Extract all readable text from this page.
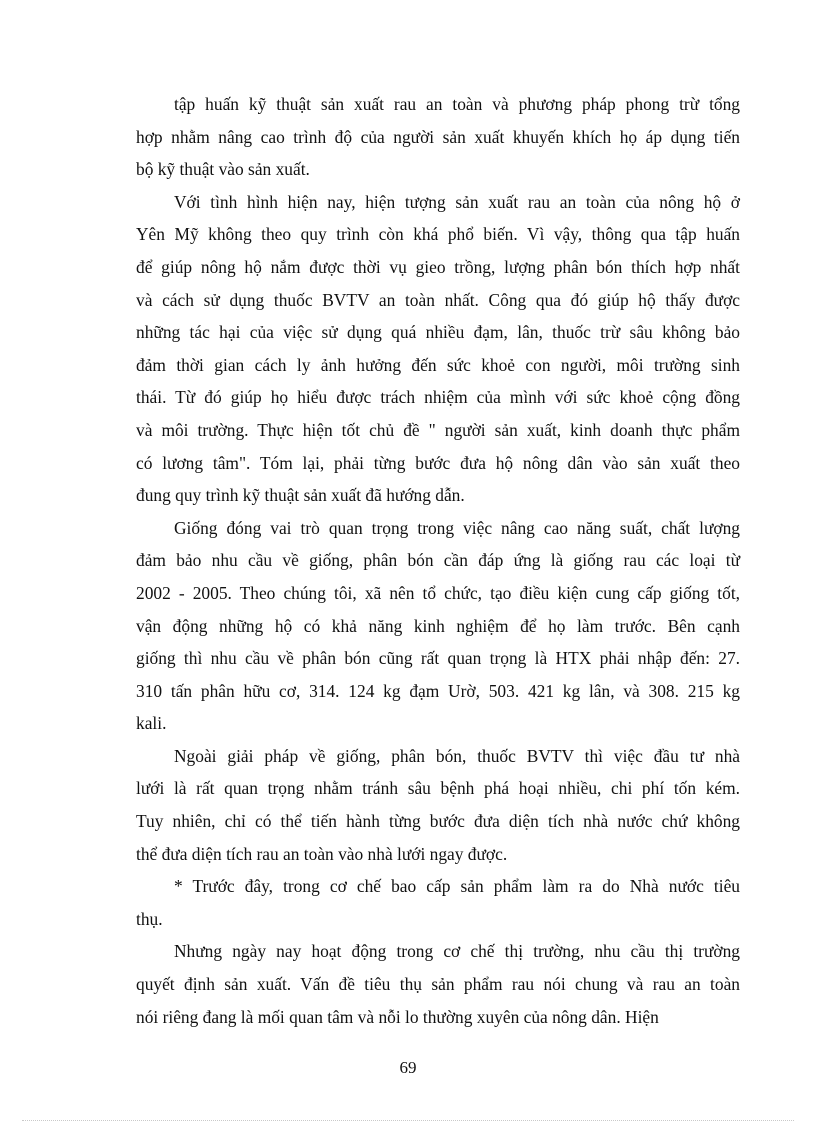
tập huấn kỹ thuật sản xuất rau an toàn và phương pháp phong trừ tổng
hợp nhằm nâng cao trình độ của người sản xuất khuyến khích họ áp dụng tiến
bộ kỹ thuật vào sản xuất.
Với tình hình hiện nay, hiện tượng sản xuất rau an toàn của nông hộ ở
Yên Mỹ không theo quy trình còn khá phổ biến. Vì vậy, thông qua tập huấn
để giúp nông hộ nắm được thời vụ gieo trồng, lượng phân bón thích hợp nhất
và cách sử dụng thuốc BVTV an toàn nhất. Công qua đó giúp hộ thấy được
những tác hại của việc sử dụng quá nhiều đạm, lân, thuốc trừ sâu không bảo
đảm thời gian cách ly ảnh hưởng đến sức khoẻ con người, môi trường sinh
thái. Từ đó giúp họ hiểu được trách nhiệm của mình với sức khoẻ cộng đồng
và môi trường. Thực hiện tốt chủ đề " người sản xuất, kinh doanh thực phẩm
có lương tâm". Tóm lại, phải từng bước đưa hộ nông dân vào sản xuất theo
đung quy trình kỹ thuật sản xuất đã hướng dẫn.
Giống đóng vai trò quan trọng trong việc nâng cao năng suất, chất lượng
đảm bảo nhu cầu về giống, phân bón cần đáp ứng là giống rau các loại từ
2002 - 2005. Theo chúng tôi, xã nên tổ chức, tạo điều kiện cung cấp giống tốt,
vận động những hộ có khả năng kinh nghiệm để họ làm trước. Bên cạnh
giống thì nhu cầu về phân bón cũng rất quan trọng là HTX phải nhập đến: 27.
310 tấn phân hữu cơ, 314. 124 kg đạm Urờ, 503. 421 kg lân, và 308. 215 kg
kali.
Ngoài giải pháp về giống, phân bón, thuốc BVTV thì việc đầu tư nhà
lưới là rất quan trọng nhằm tránh sâu bệnh phá hoại nhiều, chi phí tốn kém.
Tuy nhiên, chỉ có thể tiến hành từng bước đưa diện tích nhà nước chứ không
thể đưa diện tích rau an toàn vào nhà lưới ngay được.
* Trước đây, trong cơ chế bao cấp sản phẩm làm ra do Nhà nước tiêu
thụ.
Nhưng ngày nay hoạt động trong cơ chế thị trường, nhu cầu thị trường
quyết định sản xuất. Vấn đề tiêu thụ sản phẩm rau nói chung và rau an toàn
nói riêng đang là mối quan tâm và nỗi lo thường xuyên của nông dân. Hiện
69
